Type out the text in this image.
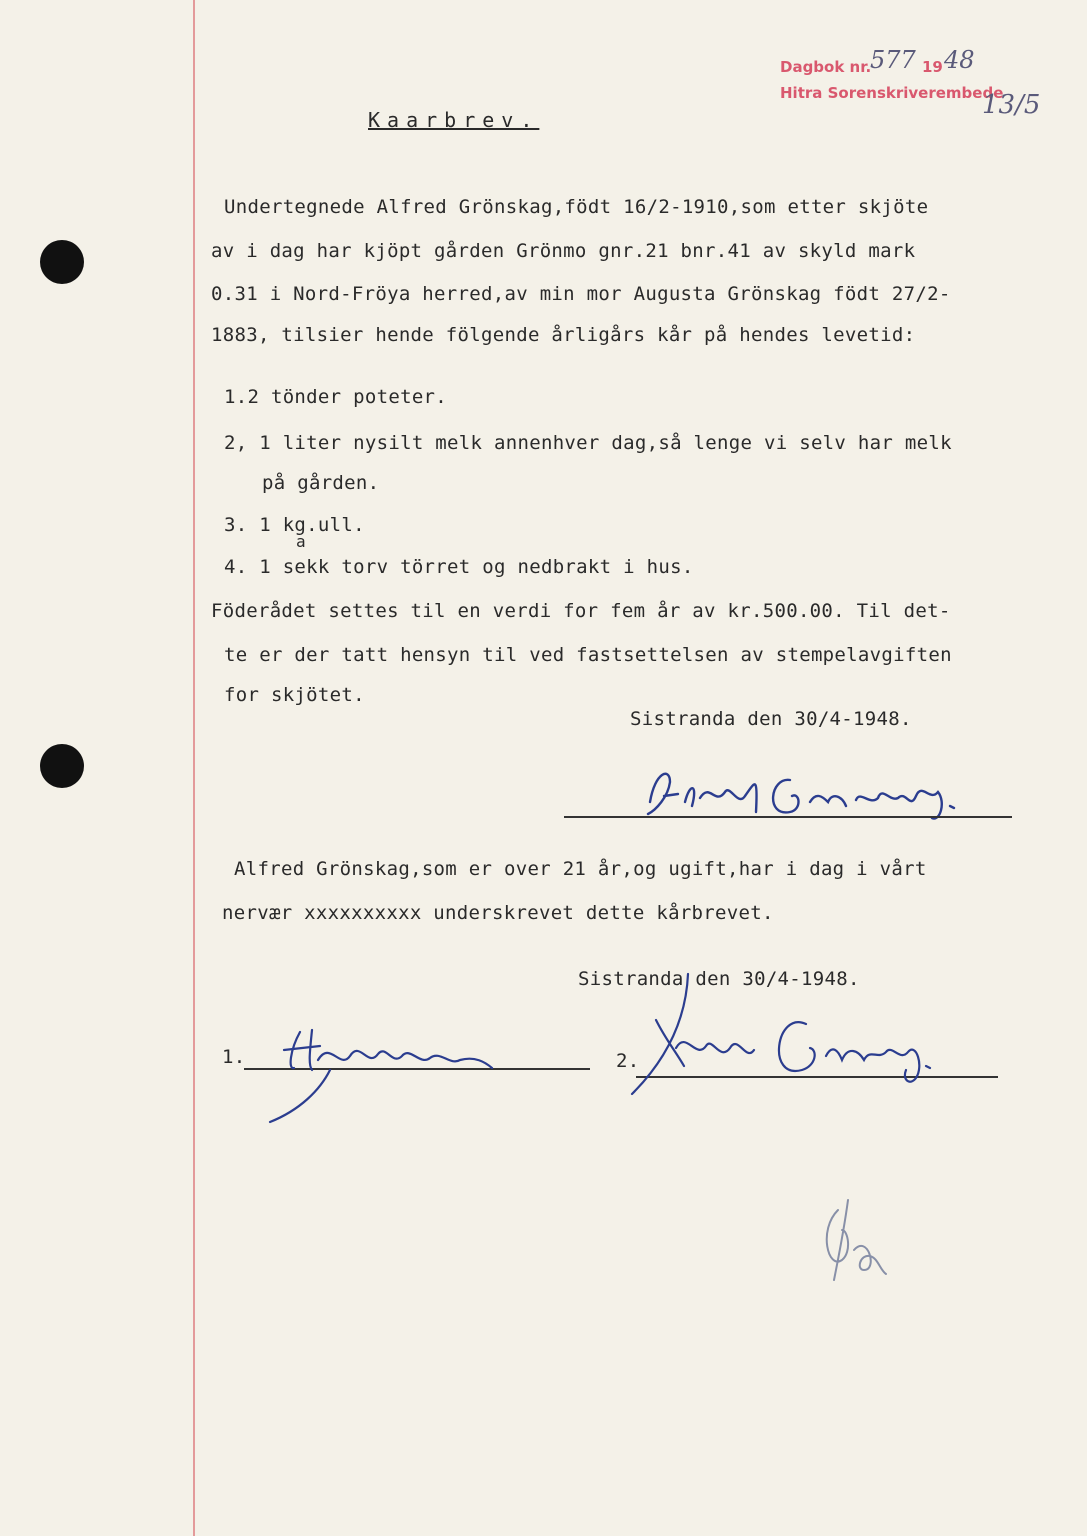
Dagbok nr.
577 19 48
Hitra Sorenskriverembede
13/5
Kaarbrev.
Undertegnede Alfred Grönskag,födt 16/2-1910,som etter skjöte
av i dag har kjöpt gården Grönmo gnr.21 bnr.41 av skyld mark
0.31 i Nord-Fröya herred,av min mor Augusta Grönskag födt 27/2-
1883, tilsier hende fölgende årligårs kår på hendes levetid:
1.2 tönder poteter.
2, 1 liter nysilt melk annenhver dag,så lenge vi selv har melk
på gården.
3. 1 kg.ull.
a
4. 1 sekk torv törret og nedbrakt i hus.
Föderådet settes til en verdi for fem år av kr.500.00. Til det-
te er der tatt hensyn til ved fastsettelsen av stempelavgiften
for skjötet.
Sistranda den 30/4-1948.
Alfred Grönskag,som er over 21 år,og ugift,har i dag i vårt
nervær xxxxxxxxxx underskrevet dette kårbrevet.
Sistranda den 30/4-1948.
1.	2.
